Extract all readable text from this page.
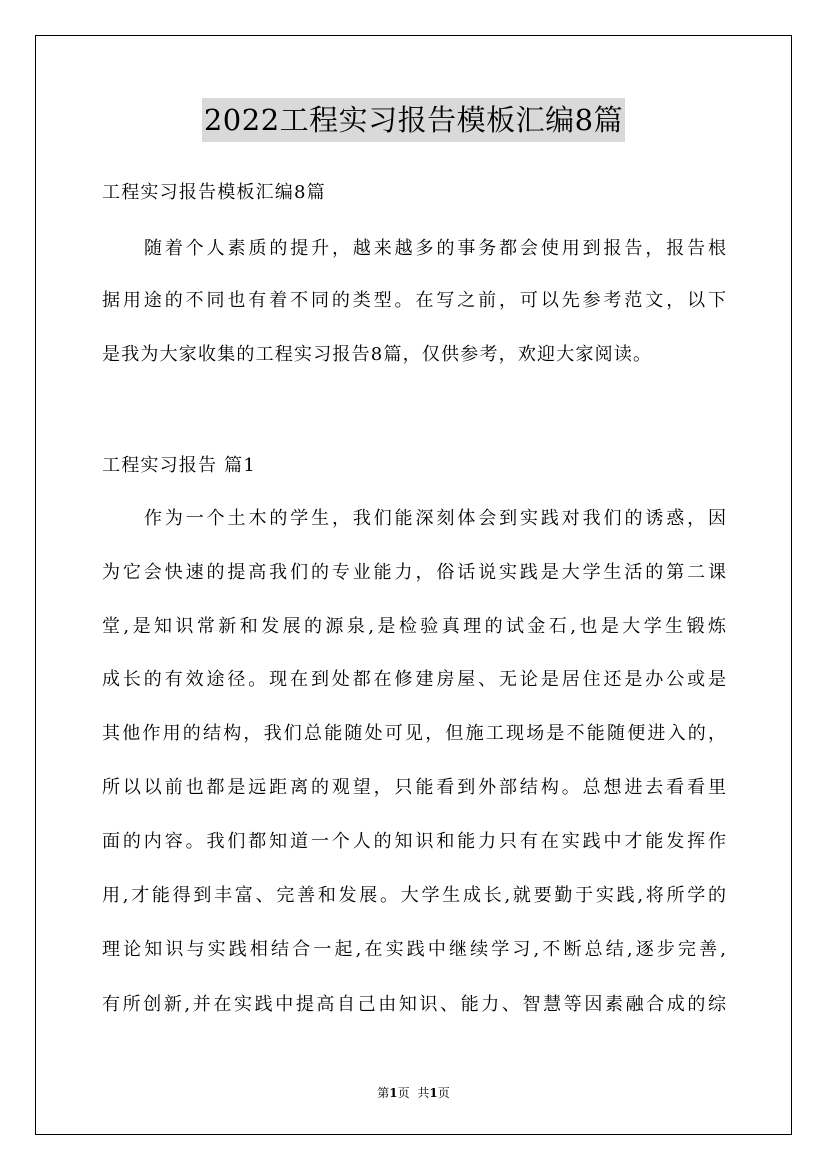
2022工程实习报告模板汇编8篇
工程实习报告模板汇编8篇
随着个人素质的提升，越来越多的事务都会使用到报告，报告根
据用途的不同也有着不同的类型。在写之前，可以先参考范文，以下
是我为大家收集的工程实习报告8篇，仅供参考，欢迎大家阅读。
工程实习报告 篇1
作为一个土木的学生，我们能深刻体会到实践对我们的诱惑，因
为它会快速的提高我们的专业能力，俗话说实践是大学生活的第二课
堂,是知识常新和发展的源泉,是检验真理的试金石,也是大学生锻炼
成长的有效途径。现在到处都在修建房屋、无论是居住还是办公或是
其他作用的结构，我们总能随处可见，但施工现场是不能随便进入的，
所以以前也都是远距离的观望，只能看到外部结构。总想进去看看里
面的内容。我们都知道一个人的知识和能力只有在实践中才能发挥作
用,才能得到丰富、完善和发展。大学生成长,就要勤于实践,将所学的
理论知识与实践相结合一起,在实践中继续学习,不断总结,逐步完善,
有所创新,并在实践中提高自己由知识、能力、智慧等因素融合成的综
第1页 共1页
